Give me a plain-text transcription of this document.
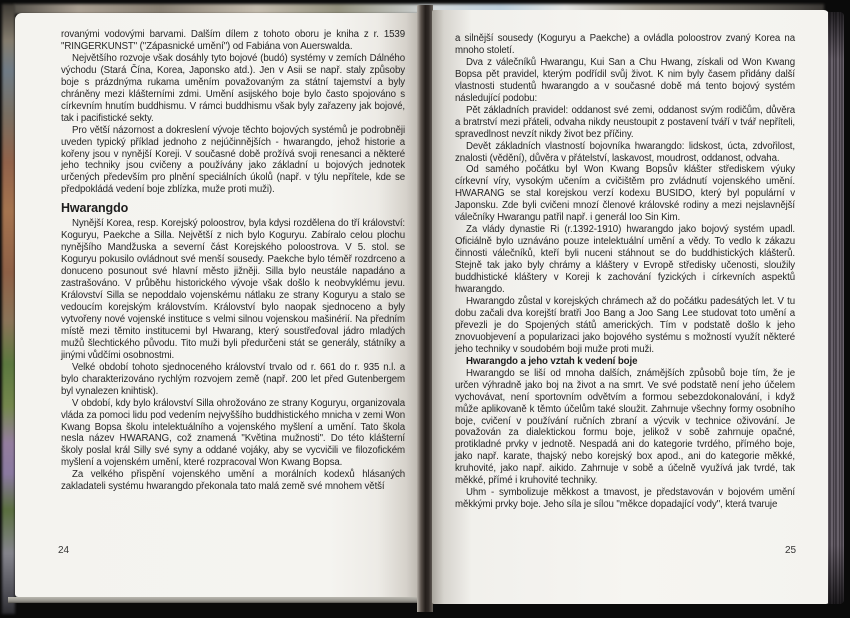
rovanými vodovými barvami. Dalším dílem z tohoto oboru je kniha z r. 1539 "RINGERKUNST" ("Zápasnické umění") od Fabiána von Auerswalda.

Největšího rozvoje však dosáhly tyto bojové (budó) systémy v zemích Dálného východu (Stará Čína, Korea, Japonsko atd.). Jen v Asii se např. staly způsoby boje s prázdnýma rukama uměním považovaným za státní tajemství a byly chráněny mezi klášterními zdmi. Umění asijského boje bylo často spojováno s církevním hnutím buddhismu. V rámci buddhismu však byly zařazeny jak bojové, tak i pacifistické sekty.

Pro větší názornost a dokreslení vývoje těchto bojových systémů je podrobněji uveden typický příklad jednoho z nejúčinnějších - hwarangdo, jehož historie a kořeny jsou v nynější Koreji. V současné době prožívá svoji renesanci a některé jeho techniky jsou cvičeny a používány jako základní u bojových jednotek určených především pro plnění speciálních úkolů (např. v týlu nepřítele, kde se předpokládá vedení boje zblízka, muže proti muži).

Hwarangdo

Nynější Korea, resp. Korejský poloostrov, byla kdysi rozdělena do tří království: Koguryu, Paekche a Silla. Největší z nich bylo Koguryu. Zabíralo celou plochu nynějšího Mandžuska a severní část Korejského poloostrova. V 5. stol. se Koguryu pokusilo ovládnout své menší sousedy. Paekche bylo téměř rozdrceno a donuceno posunout své hlavní město jižněji. Silla bylo neustále napadáno a zastrašováno. V průběhu historického vývoje však došlo k neobvyklému jevu. Království Silla se nepoddalo vojenskému nátlaku ze strany Koguryu a stalo se vedoucím korejským královstvím. Království bylo naopak sjednoceno a byly vytvořeny nové vojenské instituce s velmi silnou vojenskou mašinérií. Na předním místě mezi těmito institucemi byl Hwarang, který soustřeďoval jádro mladých mužů šlechtického původu. Tito muži byli předurčeni stát se generály, státníky a jinými vůdčími osobnostmi.

Velké období tohoto sjednoceného království trvalo od r. 661 do r. 935 n.l. a bylo charakterizováno rychlým rozvojem země (např. 200 let před Gutenbergem byl vynalezen knihtisk).

V období, kdy bylo království Silla ohrožováno ze strany Koguryu, organizovala vláda za pomoci lidu pod vedením nejvyššího buddhistického mnicha v zemi Won Kwang Bopsa školu intelektuálního a vojenského myšlení a umění. Tato škola nesla název HWARANG, což znamená "Květina mužnosti". Do této klášterní školy poslal král Silly své syny a oddané vojáky, aby se vycvičili ve filozofickém myšlení a vojenském umění, které rozpracoval Won Kwang Bopsa.

Za velkého přispění vojenského umění a morálních kodexů hlásaných zakladateli systému hwarangdo překonala tato malá země své mnohem větší

a silnější sousedy (Koguryu a Paekche) a ovládla poloostrov zvaný Korea na mnoho století.

Dva z válečníků Hwarangu, Kui San a Chu Hwang, získali od Won Kwang Bopsa pět pravidel, kterým podřídil svůj život. K nim byly časem přidány další vlastnosti studentů hwarangdo a v současné době má tento bojový systém následující podobu:

Pět základních pravidel: oddanost své zemi, oddanost svým rodičům, důvěra a bratrství mezi přáteli, odvaha nikdy neustoupit z postavení tváří v tvář nepříteli, spravedlnost nevzít nikdy život bez příčiny.

Devět základních vlastností bojovníka hwarangdo: lidskost, úcta, zdvořilost, znalosti (vědění), důvěra v přátelství, laskavost, moudrost, oddanost, odvaha.

Od samého počátku byl Won Kwang Bopsův klášter střediskem výuky církevní víry, vysokým učením a cvičištěm pro zvládnutí vojenského umění. HWARANG se stal korejskou verzí kodexu BUSIDO, který byl populární v Japonsku. Zde byli cvičeni mnozí členové královské rodiny a mezi nejslavnější válečníky Hwarangu patřil např. i generál Ioo Sin Kim.

Za vlády dynastie Ri (r.1392-1910) hwarangdo jako bojový systém upadl. Oficiálně bylo uznáváno pouze intelektuální umění a vědy. To vedlo k zákazu činnosti válečníků, kteří byli nuceni stáhnout se do buddhistických klášterů. Stejně tak jako byly chrámy a kláštery v Evropě středisky učenosti, sloužily buddhistické kláštery v Koreji k zachování fyzických i církevních aspektů hwarangdo.

Hwarangdo zůstal v korejských chrámech až do počátku padesátých let. V tu dobu začali dva korejští bratři Joo Bang a Joo Sang Lee studovat toto umění a převezli je do Spojených států amerických. Tím v podstatě došlo k jeho znovuobjevení a popularizaci jako bojového systému s možností využít některé jeho techniky v soudobém boji muže proti muži.

Hwarangdo a jeho vztah k vedení boje

Hwarangdo se liší od mnoha dalších, známějších způsobů boje tím, že je určen výhradně jako boj na život a na smrt. Ve své podstatě není jeho účelem vychovávat, není sportovním odvětvím a formou sebezdokonalování, i když může aplikovaně k těmto účelům také sloužit. Zahrnuje všechny formy osobního boje, cvičení v používání ručních zbraní a výcvik v technice oživování. Je považován za dialektickou formu boje, jelikož v sobě zahrnuje opačné, protikladné prvky v jednotě. Nespadá ani do kategorie tvrdého, přímého boje, jako např. karate, thajský nebo korejský box apod., ani do kategorie měkké, kruhovité, jako např. aikido. Zahrnuje v sobě a účelně využívá jak tvrdé, tak měkké, přímé i kruhovité techniky.

Uhm - symbolizuje měkkost a tmavost, je představován v bojovém umění měkkými prvky boje. Jeho síla je sílou "měkce dopadající vody", která tvaruje

24	25
